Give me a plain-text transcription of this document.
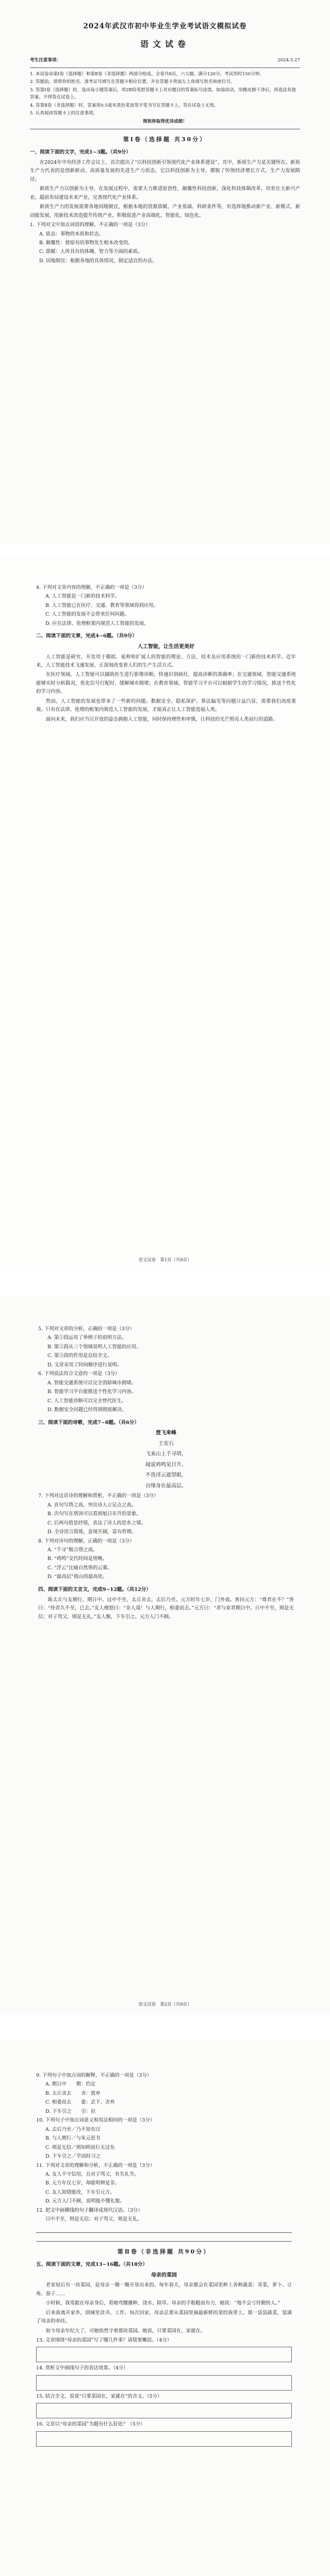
2024年武汉市初中毕业生学业考试语文模拟试卷
语文试卷
考生注意事项：	2024.5.27
1. 本试卷由第Ⅰ卷（选择题）和第Ⅱ卷（非选择题）两部分组成。全卷共8页，六大题，满分120分。考试用时150分钟。
2. 答题前，请将你的姓名、准考证号填写在答题卡相应位置，并在答题卡背面左上角填写姓名和座位号。
3. 答第Ⅰ卷（选择题）时，选出每小题答案后，用2B铅笔把答题卡上对应题目的答案标号涂黑。如需改动，用橡皮擦干净后，再选涂其他答案。不得答在试卷上。
4. 答第Ⅱ卷（非选择题）时，答案用0.5毫米黑色笔迹签字笔书写在答题卡上。答在试卷上无效。
5. 认真阅读答题卡上的注意事项。
预祝你取得优异成绩！
第Ⅰ卷（选择题 共30分）
一、阅读下面的文字，完成1~3题。（共9分）

在2024年中央经济工作会议上，首次提出了“以科技创新引领现代化产业体系建设”，其中，新质生产力是关键所在。新质生产力代表的是创新驱动、高质量发展的先进生产力质态，它以科技创新为主导，摆脱了传统经济增长方式、生产力发展路径。

新质生产力以创新为主导，在发展过程中，需要大力推进原创性、颠覆性科技创新，深化科技体制改革，培育壮大新兴产业，超前布局建设未来产业，完善现代化产业体系。

新质生产力的发展需要各地因地制宜，根据本地的资源禀赋、产业基础、科研条件等，有选择地推动新产业、新模式、新动能发展，用新技术改造提升传统产业，积极促进产业高端化、智能化、绿色化。

1. 下列对文中加点词语的理解，不正确的一项是（3分）
A. 质态：事物的本质和状态。
B. 颠覆性：使原有的事物发生根本改变的。
C. 禀赋：人所具有的体魄、智力等方面的素质。
D. 因地制宜：根据各地的具体情况，制定适宜的办法。
4. 下列对文章内容的理解，不正确的一项是（3分）
A. 人工智能是一门新的技术科学。
B. 人工智能已在医疗、交通、教育等领域得到应用。
C. 人工智能的发展不会带来任何问题。
D. 应在法律、伦理框架内规范人工智能的发展。
二、阅读下面的文章，完成4~6题。（共9分）
人工智能，让生活更美好

人工智能是研究、开发用于模拟、延伸和扩展人的智能的理论、方法、技术及应用系统的一门新的技术科学。近年来，人工智能技术飞速发展，正深刻改变着人们的生产生活方式。

在医疗领域，人工智能可以辅助医生进行影像诊断，快速识别病灶，提高诊断的准确率；在交通领域，智能交通系统能够实时分析路况，优化信号灯配时，缓解城市拥堵；在教育领域，智能学习平台可以根据学生的学习情况，推送个性化的学习内容。

然而，人工智能的发展也带来了一些新的问题。数据安全、隐私保护、算法偏见等问题日益凸显，需要我们高度重视。只有在法律、伦理的框架内规范人工智能的发展，才能真正让人工智能造福人类。

面向未来，我们应当以开放的姿态拥抱人工智能，同时保持理性和审慎，让科技的光芒照亮人类前行的道路。

语文试卷　第1页（共8页）
5. 下列对文章的分析，正确的一项是（3分）
A. 第①段运用了举例子的说明方法。
B. 第②段从三个领域说明人工智能的应用。
C. 第③段的作用是总结全文。
D. 文章采用了时间顺序进行说明。
6. 下列说法符合文意的一项是（3分）
A. 智能交通系统可以完全消除城市拥堵。
B. 智能学习平台能推送个性化学习内容。
C. 人工智能诊断可以完全替代医生。
D. 数据安全问题已经得到彻底解决。
三、阅读下面的诗歌，完成7~8题。（共6分）
登飞来峰
王安石
飞来山上千寻塔，
闻说鸡鸣见日升。
不畏浮云遮望眼，
自缘身在最高层。
7. 下列对这首诗的理解和赏析，不正确的一项是（3分）
A. 首句写塔之高，突出诗人立足点之高。
B. 次句写在塔顶可以看到旭日东升的景象。
C. 后两句借景抒情，表达了诗人的思乡之情。
D. 全诗语言简练，意境开阔，富有哲理。
8. 下列对诗句的理解，正确的一项是（3分）
A. “千寻”极言塔之高。
B. “鸡鸣”交代时间是傍晚。
C. “浮云”比喻自然界的云雾。
D. “最高层”指山的最高处。
四、阅读下面的文言文，完成9~12题。（共12分）

陈太丘与友期行，期日中。过中不至，太丘舍去，去后乃至。元方时年七岁，门外戏。客问元方：“尊君在不？”答曰：“待君久不至，已去。”友人便怒曰：“非人哉！与人期行，相委而去。”元方曰：“君与家君期日中。日中不至，则是无信；对子骂父，则是无礼。”友人惭，下车引之。元方入门不顾。

语文试卷　第2页（共8页）
9. 下列句子中加点词的解释，不正确的一项是（3分）
A. 期日中　　期：约定
B. 太丘舍去　　舍：放弃
C. 相委而去　　委：丢下、舍弃
D. 下车引之　　引：拉
10. 下列句子中加点词意义和用法相同的一项是（3分）
A. 去后乃至／乃不知有汉
B. 与人期行／与朱元思书
C. 则是无信／则知明而行无过矣
D. 下车引之／学而时习之
11. 下列对文章的理解和分析，不正确的一项是（3分）
A. 友人不守信用，且对子骂父，有失礼节。
B. 元方年仅七岁，却能明辨是非。
C. 友人知错能改，下车引元方。
D. 元方入门不顾，说明他不懂礼貌。
12. 把文中画横线的句子翻译成现代汉语。（3分）
日中不至，则是无信；对子骂父，则是无礼。
第Ⅱ卷（非选择题 共90分）
五、阅读下面的文章，完成13~16题。（共18分）
母亲的菜园

老家屋后有一块菜园，是母亲一锄一锄开垦出来的。每年春天，母亲都会在菜园里种上各种蔬菜：青菜、萝卜、豆角、茄子……

小时候，我常跟在母亲身后，看她弯腰播种、浇水、除草。母亲的手粗糙而有力，她说：“地不会亏待勤快人。”

后来我离开家乡，到城里读书、工作。每次回家，母亲总要从菜园里摘最新鲜的菜给我带上。那一袋袋蔬菜，装满了母亲的牵挂。

如今母亲年纪大了，可她依然守着那块菜园。她说，只要菜园在，家就在。

13. 文章围绕“母亲的菜园”写了哪几件事？请简要概括。（4分）
14. 赏析文中画线句子的表达效果。（4分）
15. 结合全文，说说“只要菜园在，家就在”的含义。（5分）
16. 文章以“母亲的菜园”为题有什么好处？（5分）
